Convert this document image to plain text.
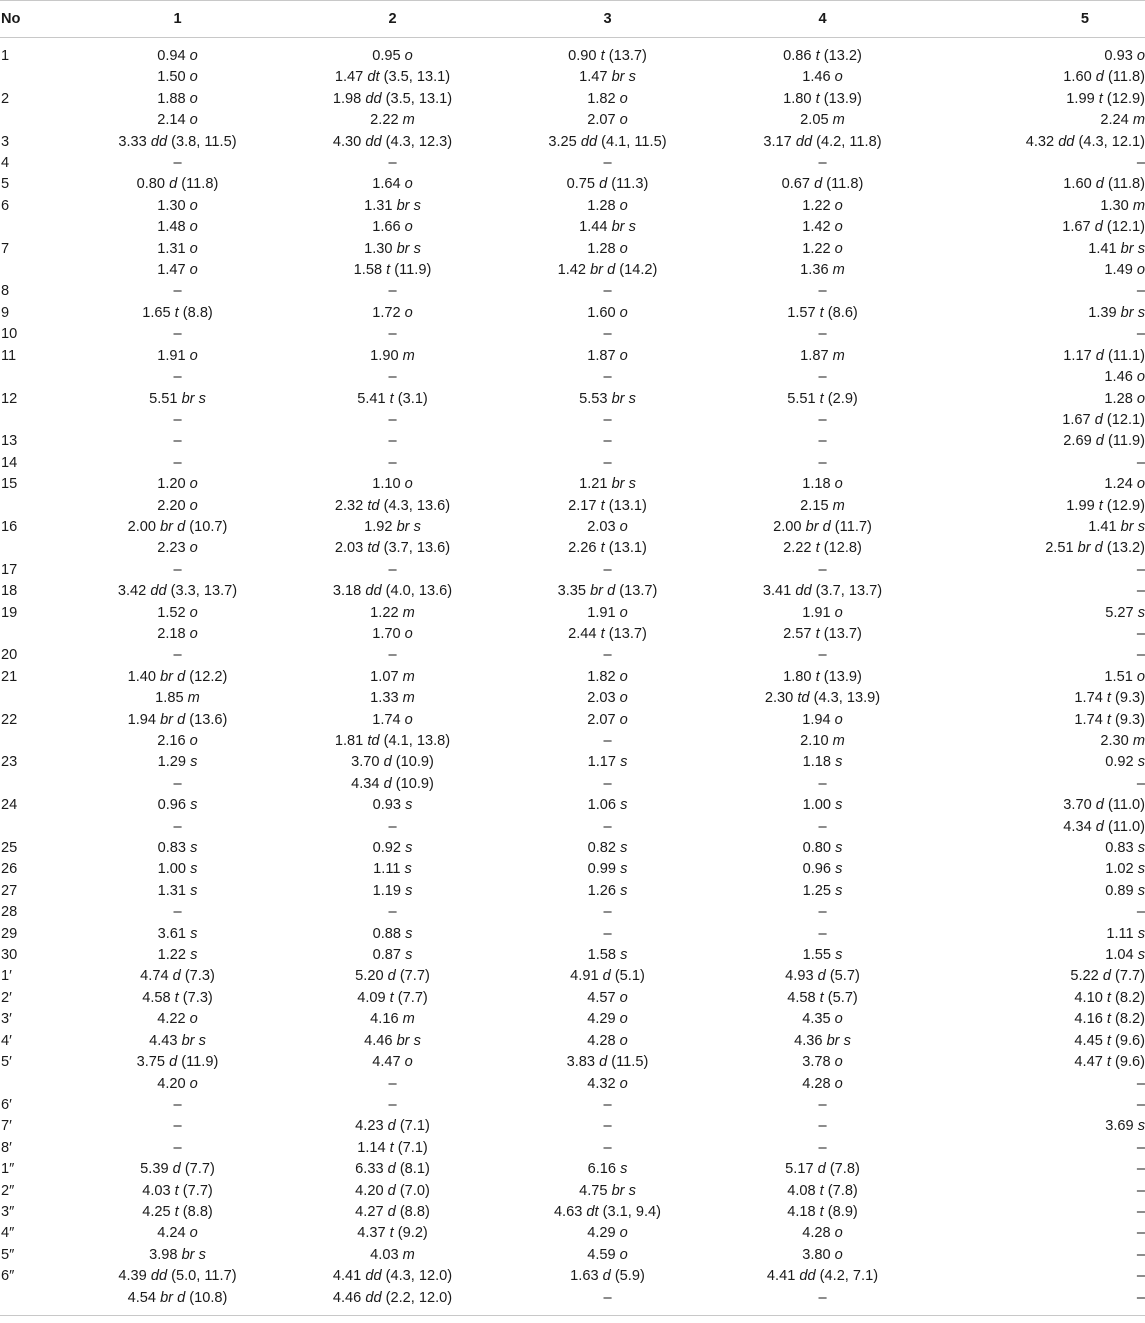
No	1	2	3	4	5
1	0.94 o	0.95 o	0.90 t (13.7)	0.86 t (13.2)	0.93 o
	1.50 o	1.47 dt (3.5, 13.1)	1.47 br s	1.46 o	1.60 d (11.8)
2	1.88 o	1.98 dd (3.5, 13.1)	1.82 o	1.80 t (13.9)	1.99 t (12.9)
	2.14 o	2.22 m	2.07 o	2.05 m	2.24 m
3	3.33 dd (3.8, 11.5)	4.30 dd (4.3, 12.3)	3.25 dd (4.1, 11.5)	3.17 dd (4.2, 11.8)	4.32 dd (4.3, 12.1)
4	–	–	–	–	–
5	0.80 d (11.8)	1.64 o	0.75 d (11.3)	0.67 d (11.8)	1.60 d (11.8)
6	1.30 o	1.31 br s	1.28 o	1.22 o	1.30 m
	1.48 o	1.66 o	1.44 br s	1.42 o	1.67 d (12.1)
7	1.31 o	1.30 br s	1.28 o	1.22 o	1.41 br s
	1.47 o	1.58 t (11.9)	1.42 br d (14.2)	1.36 m	1.49 o
8	–	–	–	–	–
9	1.65 t (8.8)	1.72 o	1.60 o	1.57 t (8.6)	1.39 br s
10	–	–	–	–	–
11	1.91 o	1.90 m	1.87 o	1.87 m	1.17 d (11.1)
	–	–	–	–	1.46 o
12	5.51 br s	5.41 t (3.1)	5.53 br s	5.51 t (2.9)	1.28 o
	–	–	–	–	1.67 d (12.1)
13	–	–	–	–	2.69 d (11.9)
14	–	–	–	–	–
15	1.20 o	1.10 o	1.21 br s	1.18 o	1.24 o
	2.20 o	2.32 td (4.3, 13.6)	2.17 t (13.1)	2.15 m	1.99 t (12.9)
16	2.00 br d (10.7)	1.92 br s	2.03 o	2.00 br d (11.7)	1.41 br s
	2.23 o	2.03 td (3.7, 13.6)	2.26 t (13.1)	2.22 t (12.8)	2.51 br d (13.2)
17	–	–	–	–	–
18	3.42 dd (3.3, 13.7)	3.18 dd (4.0, 13.6)	3.35 br d (13.7)	3.41 dd (3.7, 13.7)	–
19	1.52 o	1.22 m	1.91 o	1.91 o	5.27 s
	2.18 o	1.70 o	2.44 t (13.7)	2.57 t (13.7)	–
20	–	–	–	–	–
21	1.40 br d (12.2)	1.07 m	1.82 o	1.80 t (13.9)	1.51 o
	1.85 m	1.33 m	2.03 o	2.30 td (4.3, 13.9)	1.74 t (9.3)
22	1.94 br d (13.6)	1.74 o	2.07 o	1.94 o	1.74 t (9.3)
	2.16 o	1.81 td (4.1, 13.8)	–	2.10 m	2.30 m
23	1.29 s	3.70 d (10.9)	1.17 s	1.18 s	0.92 s
	–	4.34 d (10.9)	–	–	–
24	0.96 s	0.93 s	1.06 s	1.00 s	3.70 d (11.0)
	–	–	–	–	4.34 d (11.0)
25	0.83 s	0.92 s	0.82 s	0.80 s	0.83 s
26	1.00 s	1.11 s	0.99 s	0.96 s	1.02 s
27	1.31 s	1.19 s	1.26 s	1.25 s	0.89 s
28	–	–	–	–	–
29	3.61 s	0.88 s	–	–	1.11 s
30	1.22 s	0.87 s	1.58 s	1.55 s	1.04 s
1′	4.74 d (7.3)	5.20 d (7.7)	4.91 d (5.1)	4.93 d (5.7)	5.22 d (7.7)
2′	4.58 t (7.3)	4.09 t (7.7)	4.57 o	4.58 t (5.7)	4.10 t (8.2)
3′	4.22 o	4.16 m	4.29 o	4.35 o	4.16 t (8.2)
4′	4.43 br s	4.46 br s	4.28 o	4.36 br s	4.45 t (9.6)
5′	3.75 d (11.9)	4.47 o	3.83 d (11.5)	3.78 o	4.47 t (9.6)
	4.20 o	–	4.32 o	4.28 o	–
6′	–	–	–	–	–
7′	–	4.23 d (7.1)	–	–	3.69 s
8′	–	1.14 t (7.1)	–	–	–
1″	5.39 d (7.7)	6.33 d (8.1)	6.16 s	5.17 d (7.8)	–
2″	4.03 t (7.7)	4.20 d (7.0)	4.75 br s	4.08 t (7.8)	–
3″	4.25 t (8.8)	4.27 d (8.8)	4.63 dt (3.1, 9.4)	4.18 t (8.9)	–
4″	4.24 o	4.37 t (9.2)	4.29 o	4.28 o	–
5″	3.98 br s	4.03 m	4.59 o	3.80 o	–
6″	4.39 dd (5.0, 11.7)	4.41 dd (4.3, 12.0)	1.63 d (5.9)	4.41 dd (4.2, 7.1)	–
	4.54 br d (10.8)	4.46 dd (2.2, 12.0)	–	–	–
